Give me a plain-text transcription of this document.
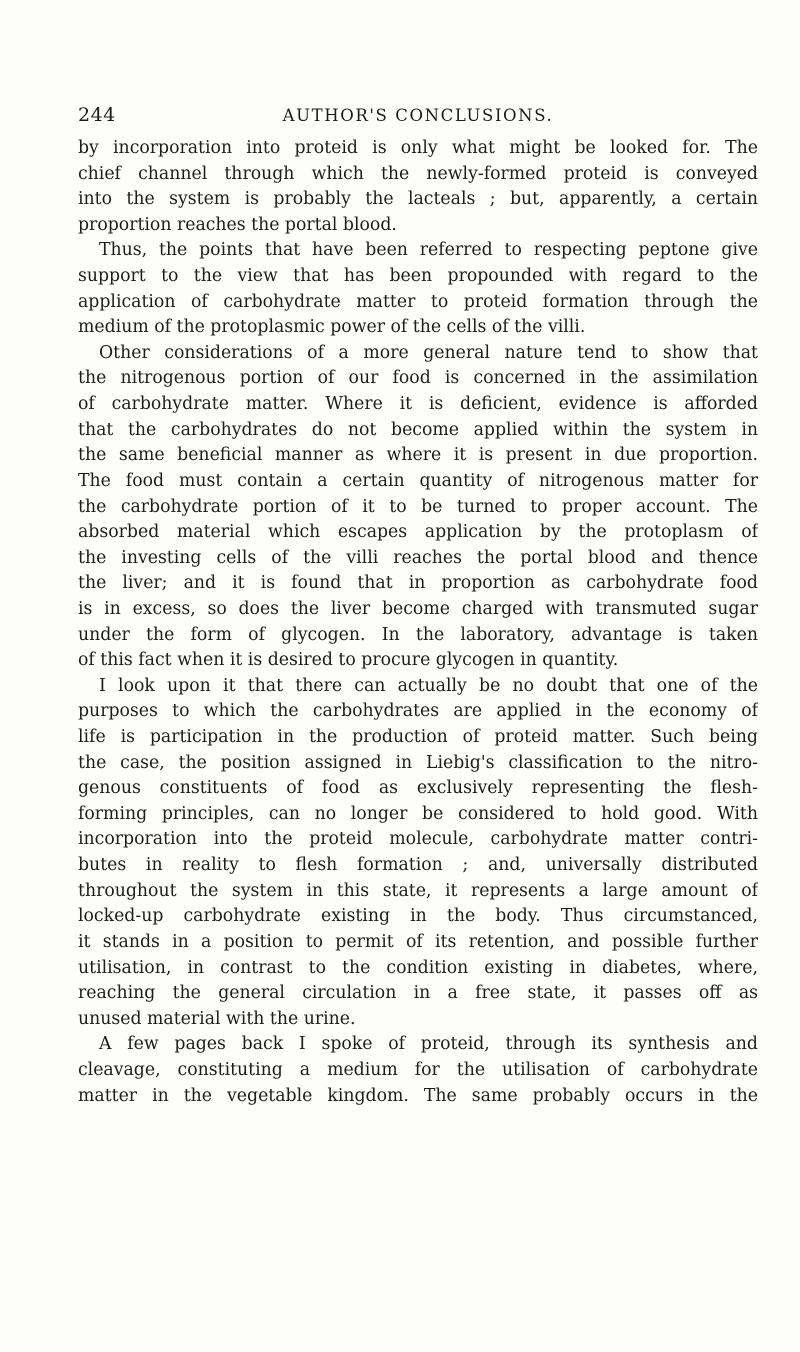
244	AUTHOR'S CONCLUSIONS.
by incorporation into proteid is only what might be looked for. The
chief channel through which the newly-formed proteid is conveyed
into the system is probably the lacteals ; but, apparently, a certain
proportion reaches the portal blood.
Thus, the points that have been referred to respecting peptone give
support to the view that has been propounded with regard to the
application of carbohydrate matter to proteid formation through the
medium of the protoplasmic power of the cells of the villi.
Other considerations of a more general nature tend to show that
the nitrogenous portion of our food is concerned in the assimilation
of carbohydrate matter. Where it is deficient, evidence is afforded
that the carbohydrates do not become applied within the system in
the same beneficial manner as where it is present in due proportion.
The food must contain a certain quantity of nitrogenous matter for
the carbohydrate portion of it to be turned to proper account. The
absorbed material which escapes application by the protoplasm of
the investing cells of the villi reaches the portal blood and thence
the liver; and it is found that in proportion as carbohydrate food
is in excess, so does the liver become charged with transmuted sugar
under the form of glycogen. In the laboratory, advantage is taken
of this fact when it is desired to procure glycogen in quantity.
I look upon it that there can actually be no doubt that one of the
purposes to which the carbohydrates are applied in the economy of
life is participation in the production of proteid matter. Such being
the case, the position assigned in Liebig's classification to the nitro-
genous constituents of food as exclusively representing the flesh-
forming principles, can no longer be considered to hold good. With
incorporation into the proteid molecule, carbohydrate matter contri-
butes in reality to flesh formation ; and, universally distributed
throughout the system in this state, it represents a large amount of
locked-up carbohydrate existing in the body. Thus circumstanced,
it stands in a position to permit of its retention, and possible further
utilisation, in contrast to the condition existing in diabetes, where,
reaching the general circulation in a free state, it passes off as
unused material with the urine.
A few pages back I spoke of proteid, through its synthesis and
cleavage, constituting a medium for the utilisation of carbohydrate
matter in the vegetable kingdom. The same probably occurs in the
